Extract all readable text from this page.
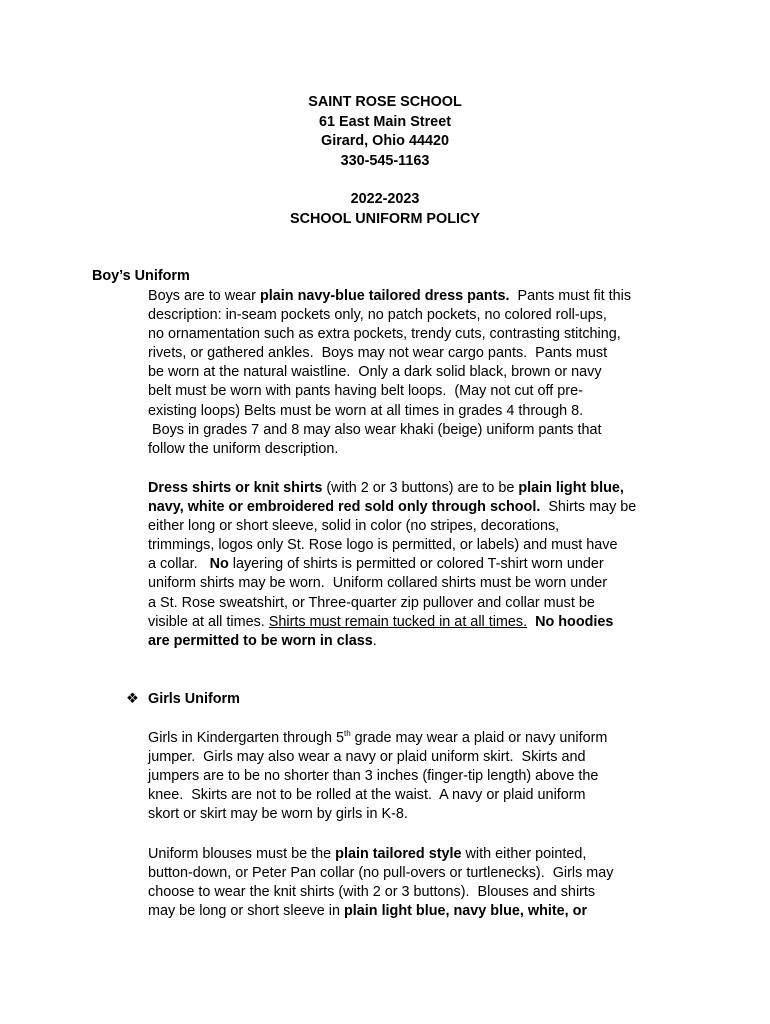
SAINT ROSE SCHOOL
61 East Main Street
Girard, Ohio 44420
330-545-1163
2022-2023
SCHOOL UNIFORM POLICY
Boy’s Uniform
Boys are to wear plain navy-blue tailored dress pants.  Pants must fit this
description: in-seam pockets only, no patch pockets, no colored roll-ups,
no ornamentation such as extra pockets, trendy cuts, contrasting stitching,
rivets, or gathered ankles.  Boys may not wear cargo pants.  Pants must
be worn at the natural waistline.  Only a dark solid black, brown or navy
belt must be worn with pants having belt loops.  (May not cut off pre-
existing loops) Belts must be worn at all times in grades 4 through 8.
Boys in grades 7 and 8 may also wear khaki (beige) uniform pants that
follow the uniform description.
Dress shirts or knit shirts (with 2 or 3 buttons) are to be plain light blue,
navy, white or embroidered red sold only through school.  Shirts may be
either long or short sleeve, solid in color (no stripes, decorations,
trimmings, logos only St. Rose logo is permitted, or labels) and must have
a collar.   No layering of shirts is permitted or colored T-shirt worn under
uniform shirts may be worn.  Uniform collared shirts must be worn under
a St. Rose sweatshirt, or Three-quarter zip pullover and collar must be
visible at all times. Shirts must remain tucked in at all times.  No hoodies
are permitted to be worn in class.
❖ Girls Uniform
Girls in Kindergarten through 5th grade may wear a plaid or navy uniform
jumper.  Girls may also wear a navy or plaid uniform skirt.  Skirts and
jumpers are to be no shorter than 3 inches (finger-tip length) above the
knee.  Skirts are not to be rolled at the waist.  A navy or plaid uniform
skort or skirt may be worn by girls in K-8.
Uniform blouses must be the plain tailored style with either pointed,
button-down, or Peter Pan collar (no pull-overs or turtlenecks).  Girls may
choose to wear the knit shirts (with 2 or 3 buttons).  Blouses and shirts
may be long or short sleeve in plain light blue, navy blue, white, or
